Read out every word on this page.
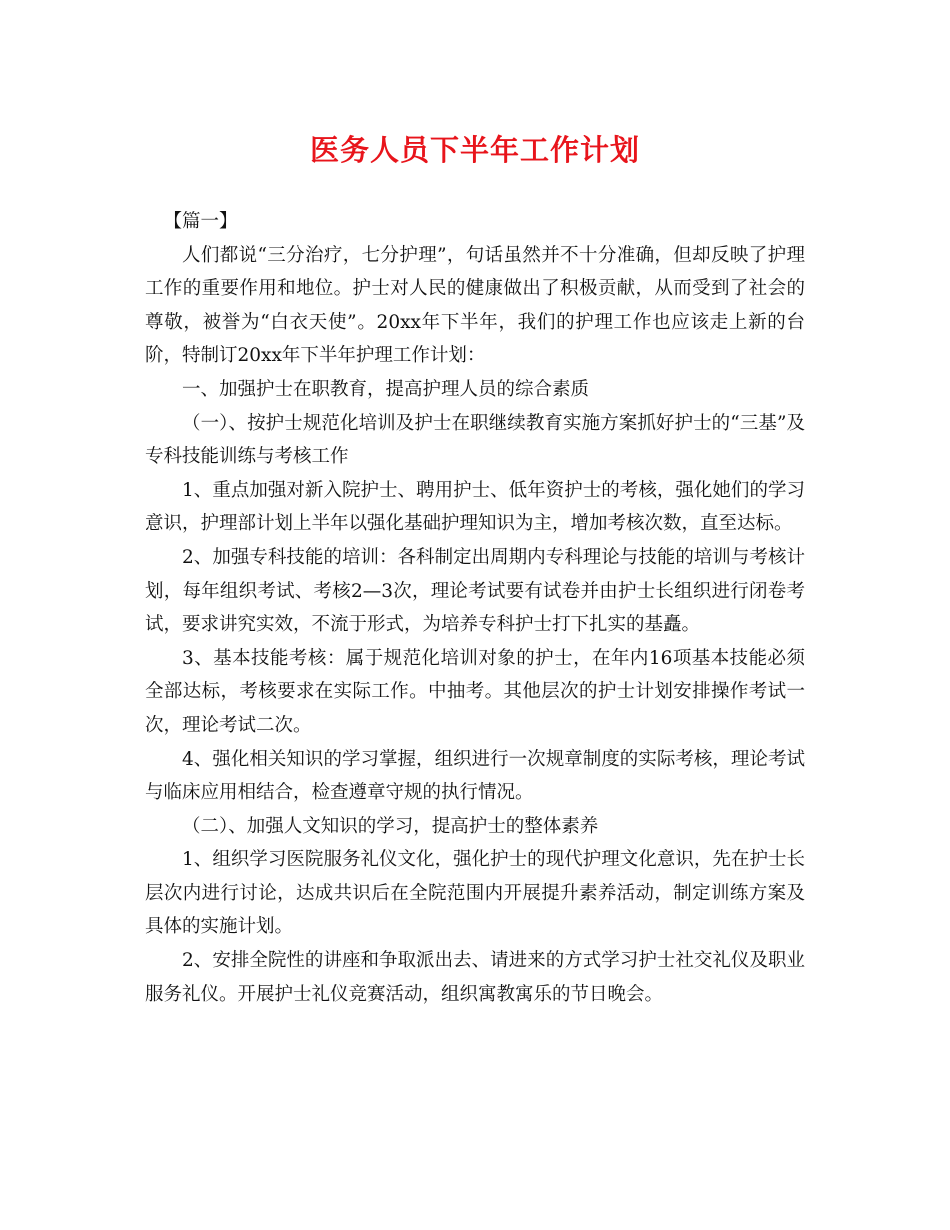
医务人员下半年工作计划

【篇一】

人们都说“三分治疗，七分护理”，句话虽然并不十分准确，但却反映了护理工作的重要作用和地位。护士对人民的健康做出了积极贡献，从而受到了社会的尊敬，被誉为“白衣天使”。20xx年下半年，我们的护理工作也应该走上新的台阶，特制订20xx年下半年护理工作计划：

一、加强护士在职教育，提高护理人员的综合素质

（一）、按护士规范化培训及护士在职继续教育实施方案抓好护士的“三基”及专科技能训练与考核工作

1、重点加强对新入院护士、聘用护士、低年资护士的考核，强化她们的学习意识，护理部计划上半年以强化基础护理知识为主，增加考核次数，直至达标。

2、加强专科技能的培训：各科制定出周期内专科理论与技能的培训与考核计划，每年组织考试、考核2—3次，理论考试要有试卷并由护士长组织进行闭卷考试，要求讲究实效，不流于形式，为培养专科护士打下扎实的基矗。

3、基本技能考核：属于规范化培训对象的护士，在年内16项基本技能必须全部达标，考核要求在实际工作。中抽考。其他层次的护士计划安排操作考试一次，理论考试二次。

4、强化相关知识的学习掌握，组织进行一次规章制度的实际考核，理论考试与临床应用相结合，检查遵章守规的执行情况。

（二）、加强人文知识的学习，提高护士的整体素养

1、组织学习医院服务礼仪文化，强化护士的现代护理文化意识，先在护士长层次内进行讨论，达成共识后在全院范围内开展提升素养活动，制定训练方案及具体的实施计划。

2、安排全院性的讲座和争取派出去、请进来的方式学习护士社交礼仪及职业服务礼仪。开展护士礼仪竞赛活动，组织寓教寓乐的节日晚会。
